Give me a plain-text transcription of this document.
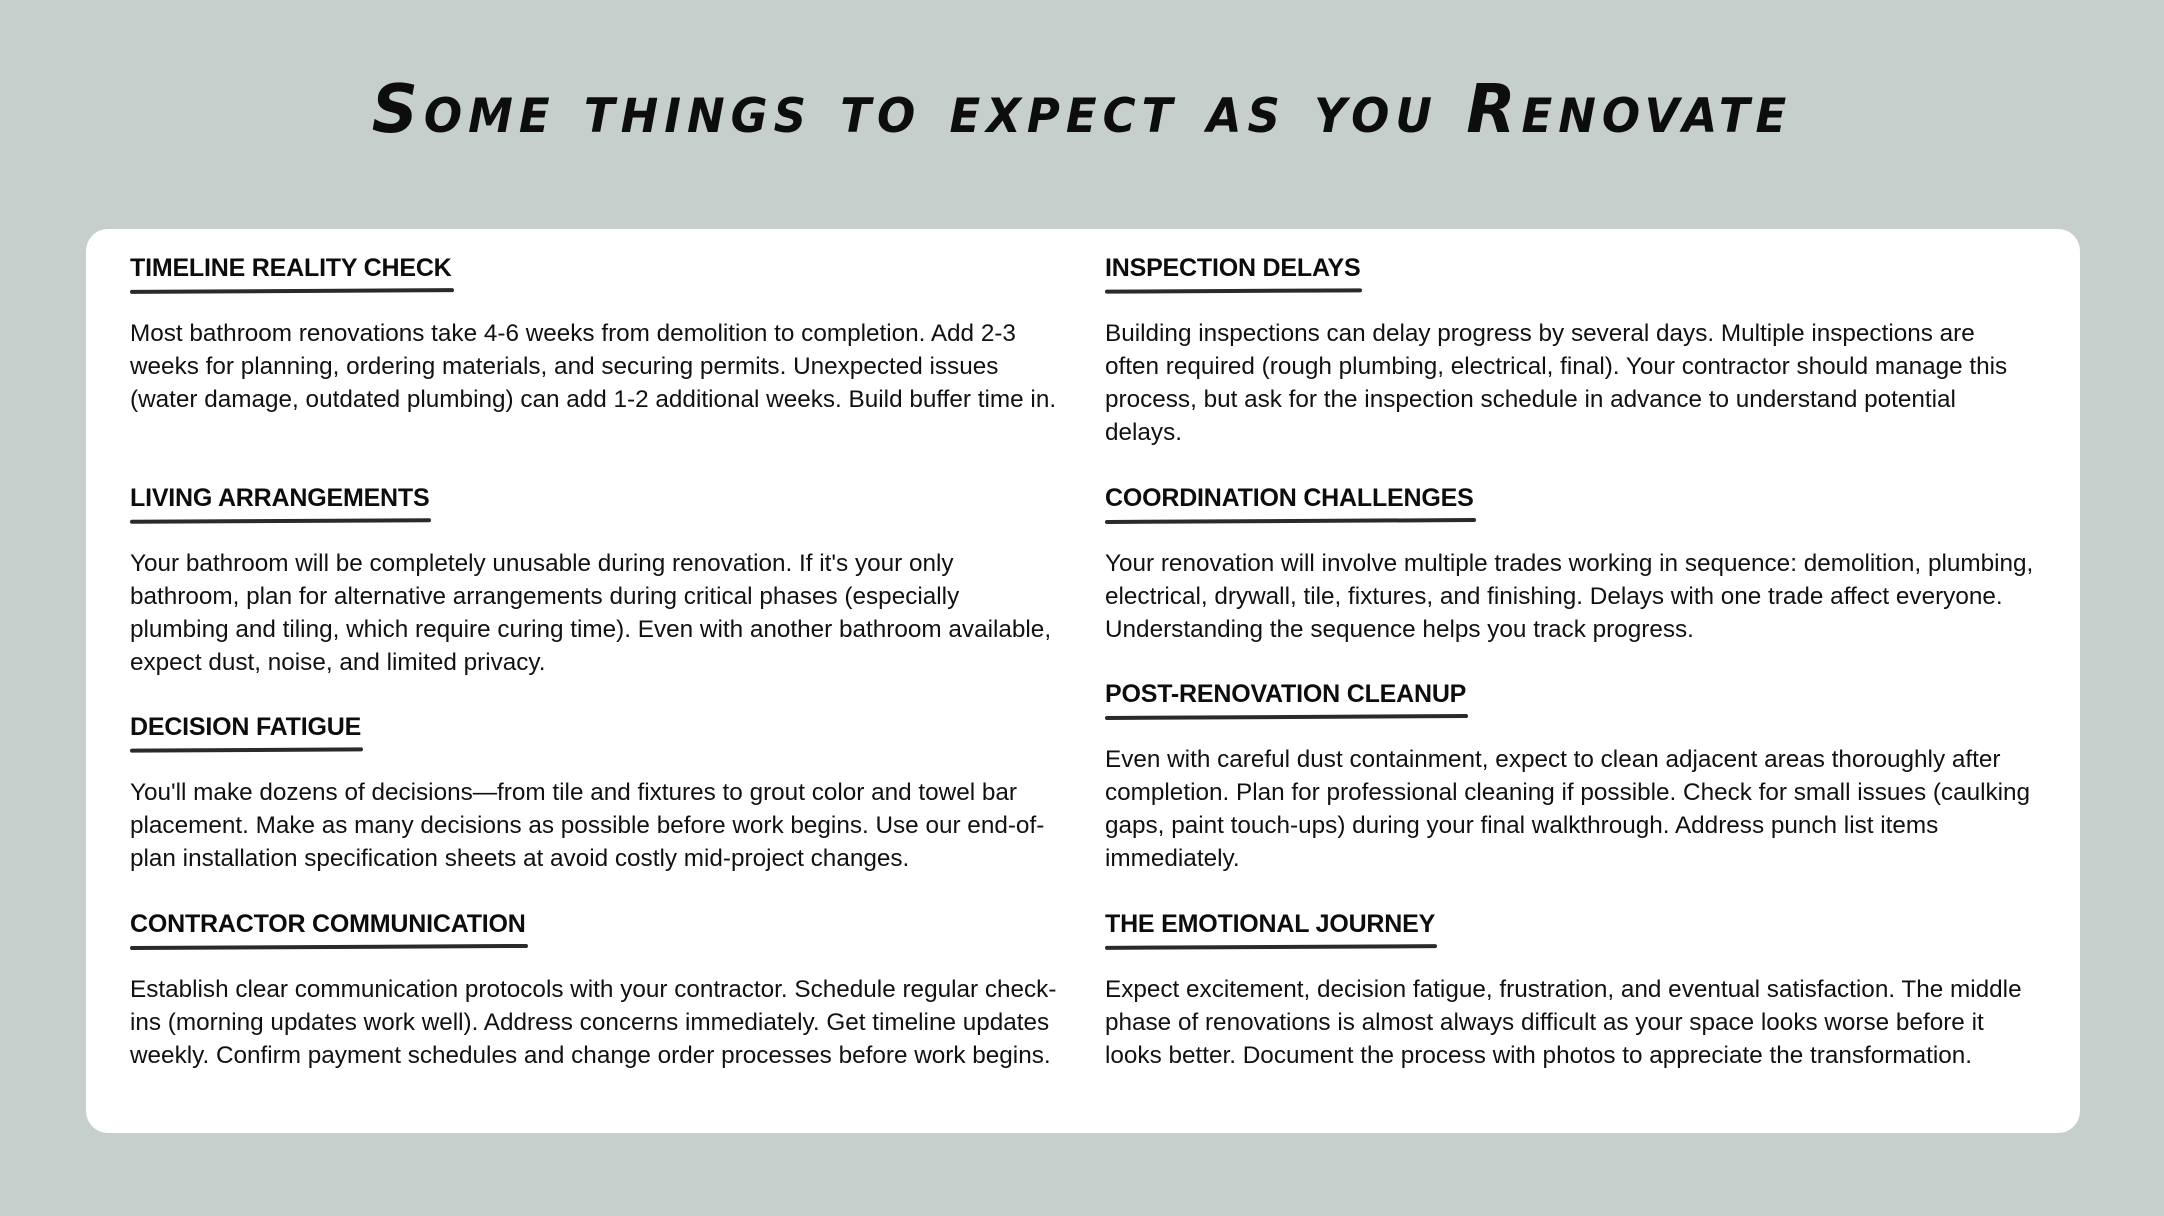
Some things to expect as you Renovate
TIMELINE REALITY CHECK

Most bathroom renovations take 4-6 weeks from demolition to completion. Add 2-3 weeks for planning, ordering materials, and securing permits. Unexpected issues (water damage, outdated plumbing) can add 1-2 additional weeks. Build buffer time in.

LIVING ARRANGEMENTS

Your bathroom will be completely unusable during renovation. If it's your only bathroom, plan for alternative arrangements during critical phases (especially plumbing and tiling, which require curing time). Even with another bathroom available, expect dust, noise, and limited privacy.

DECISION FATIGUE

You'll make dozens of decisions—from tile and fixtures to grout color and towel bar placement. Make as many decisions as possible before work begins. Use our end-of-plan installation specification sheets at avoid costly mid-project changes.

CONTRACTOR COMMUNICATION

Establish clear communication protocols with your contractor. Schedule regular check-ins (morning updates work well). Address concerns immediately. Get timeline updates weekly. Confirm payment schedules and change order processes before work begins.

INSPECTION DELAYS

Building inspections can delay progress by several days. Multiple inspections are often required (rough plumbing, electrical, final). Your contractor should manage this process, but ask for the inspection schedule in advance to understand potential delays.

COORDINATION CHALLENGES

Your renovation will involve multiple trades working in sequence: demolition, plumbing, electrical, drywall, tile, fixtures, and finishing. Delays with one trade affect everyone. Understanding the sequence helps you track progress.

POST-RENOVATION CLEANUP

Even with careful dust containment, expect to clean adjacent areas thoroughly after completion. Plan for professional cleaning if possible. Check for small issues (caulking gaps, paint touch-ups) during your final walkthrough. Address punch list items immediately.

THE EMOTIONAL JOURNEY

Expect excitement, decision fatigue, frustration, and eventual satisfaction. The middle phase of renovations is almost always difficult as your space looks worse before it looks better. Document the process with photos to appreciate the transformation.
